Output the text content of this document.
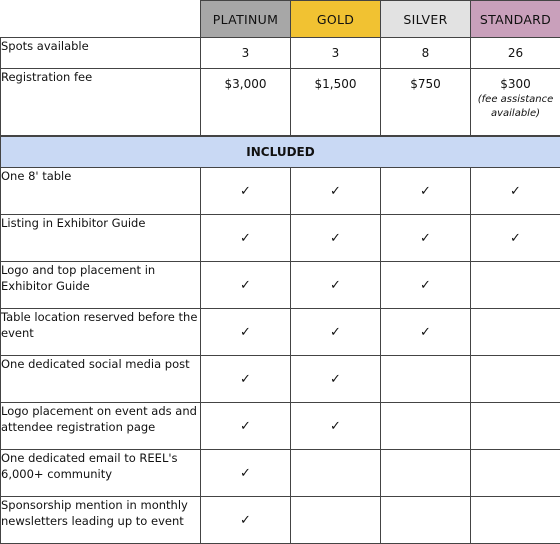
	PLATINUM	GOLD	SILVER	STANDARD
Spots available	3	3	8	26
Registration fee	$3,000	$1,500	$750	$300
(fee assistance available)

INCLUDED				
One 8' table	✓	✓	✓	✓
Listing in Exhibitor Guide	✓	✓	✓	✓
Logo and top placement in Exhibitor Guide	✓	✓	✓	
Table location reserved before the event	✓	✓	✓	
One dedicated social media post	✓	✓		
Logo placement on event ads and attendee registration page	✓	✓		
One dedicated email to REEL's 6,000+ community	✓			
Sponsorship mention in monthly newsletters leading up to event	✓			
